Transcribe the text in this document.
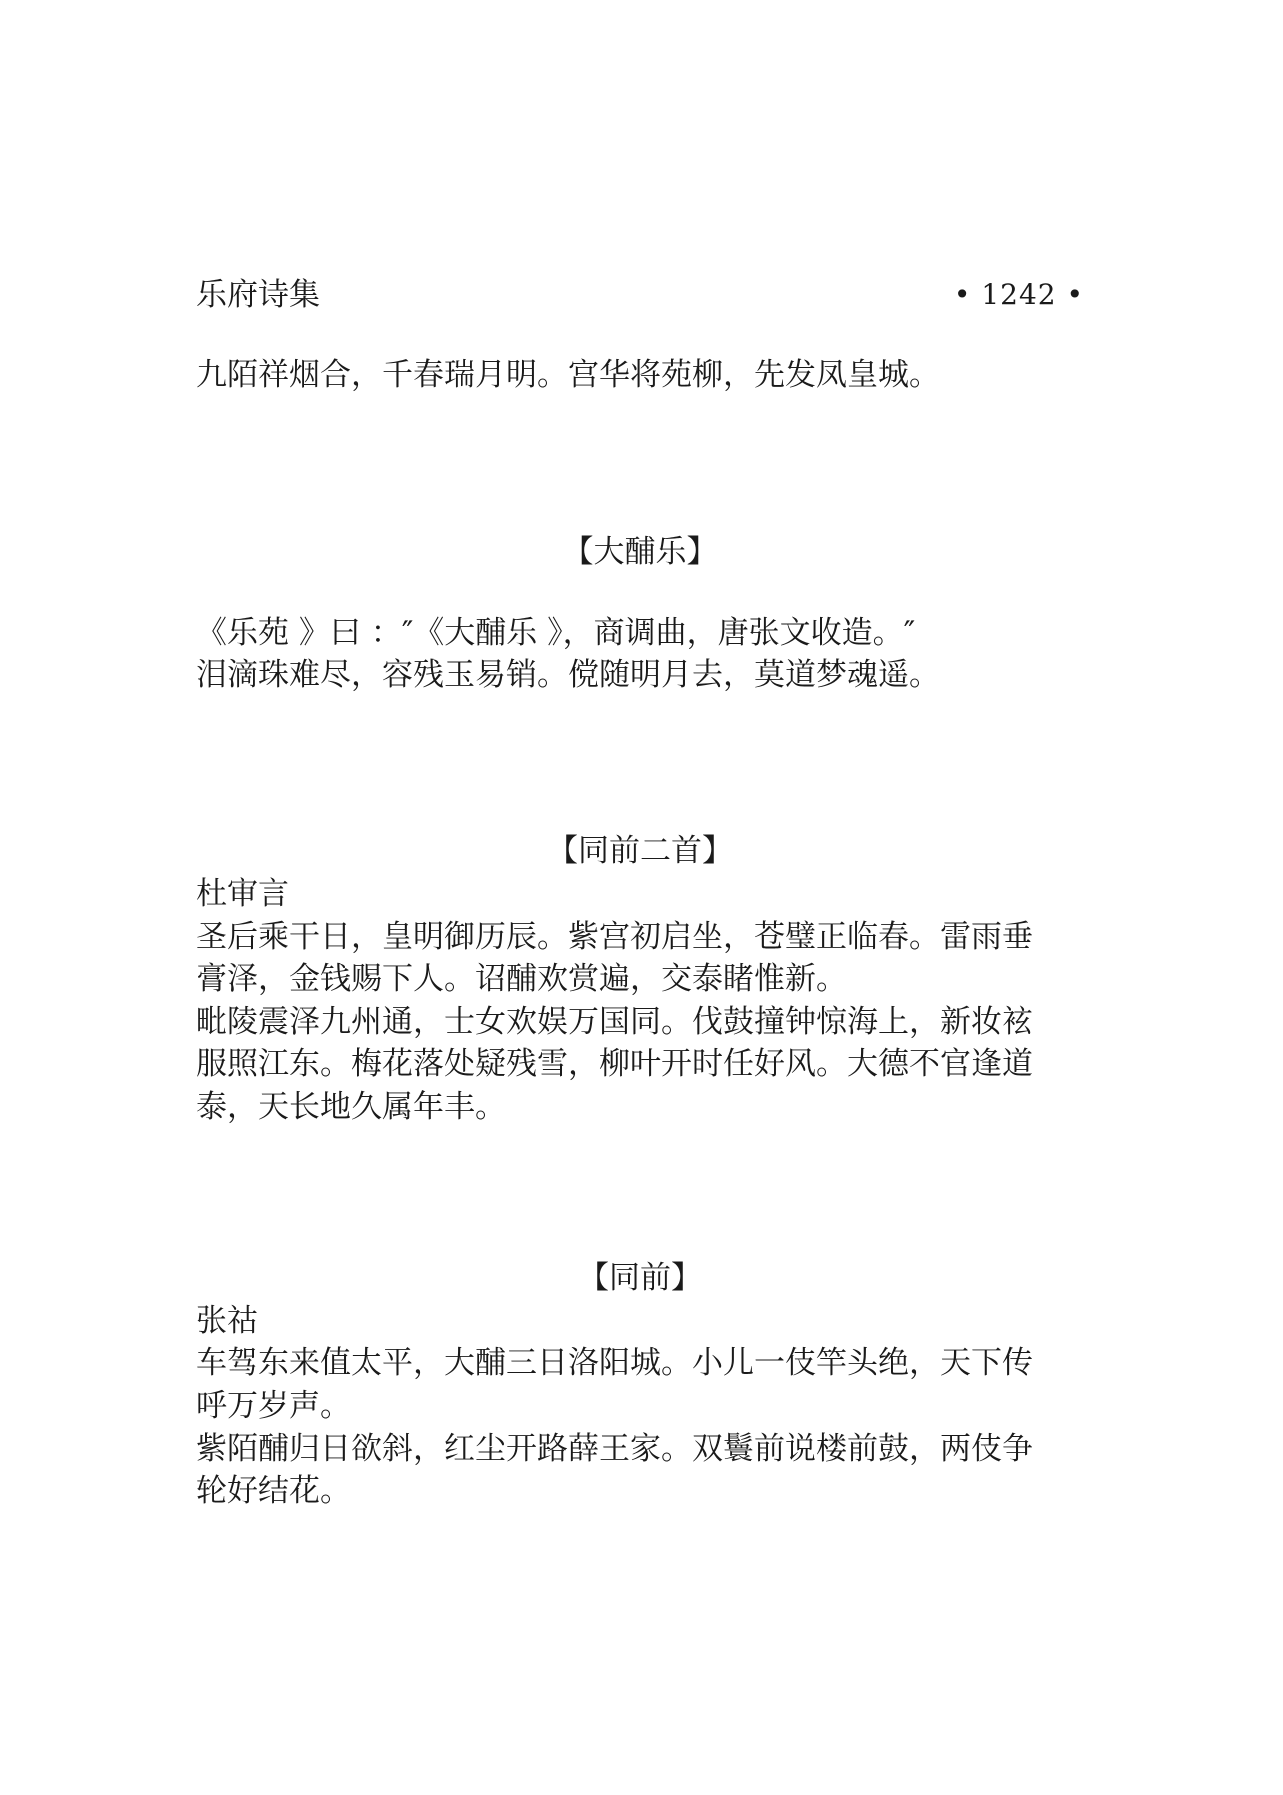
乐府诗集	• 1242 •
九陌祥烟合，千春瑞月明。宫华将苑柳，先发凤皇城。
【大酺乐】
《乐苑 》曰 ：″《大酺乐 》，商调曲，唐张文收造。″
泪滴珠难尽，容残玉易销。傥随明月去，莫道梦魂遥。
【同前二首】
杜审言
圣后乘干日，皇明御历辰。紫宫初启坐，苍璧正临春。雷雨垂
膏泽，金钱赐下人。诏酺欢赏遍，交泰睹惟新。
毗陵震泽九州通，士女欢娱万国同。伐鼓撞钟惊海上，新妆袨
服照江东。梅花落处疑残雪，柳叶开时任好风。大德不官逢道
泰，天长地久属年丰。
【同前】
张祜
车驾东来值太平，大酺三日洛阳城。小儿一伎竿头绝，天下传
呼万岁声。
紫陌酺归日欲斜，红尘开路薛王家。双鬟前说楼前鼓，两伎争
轮好结花。
